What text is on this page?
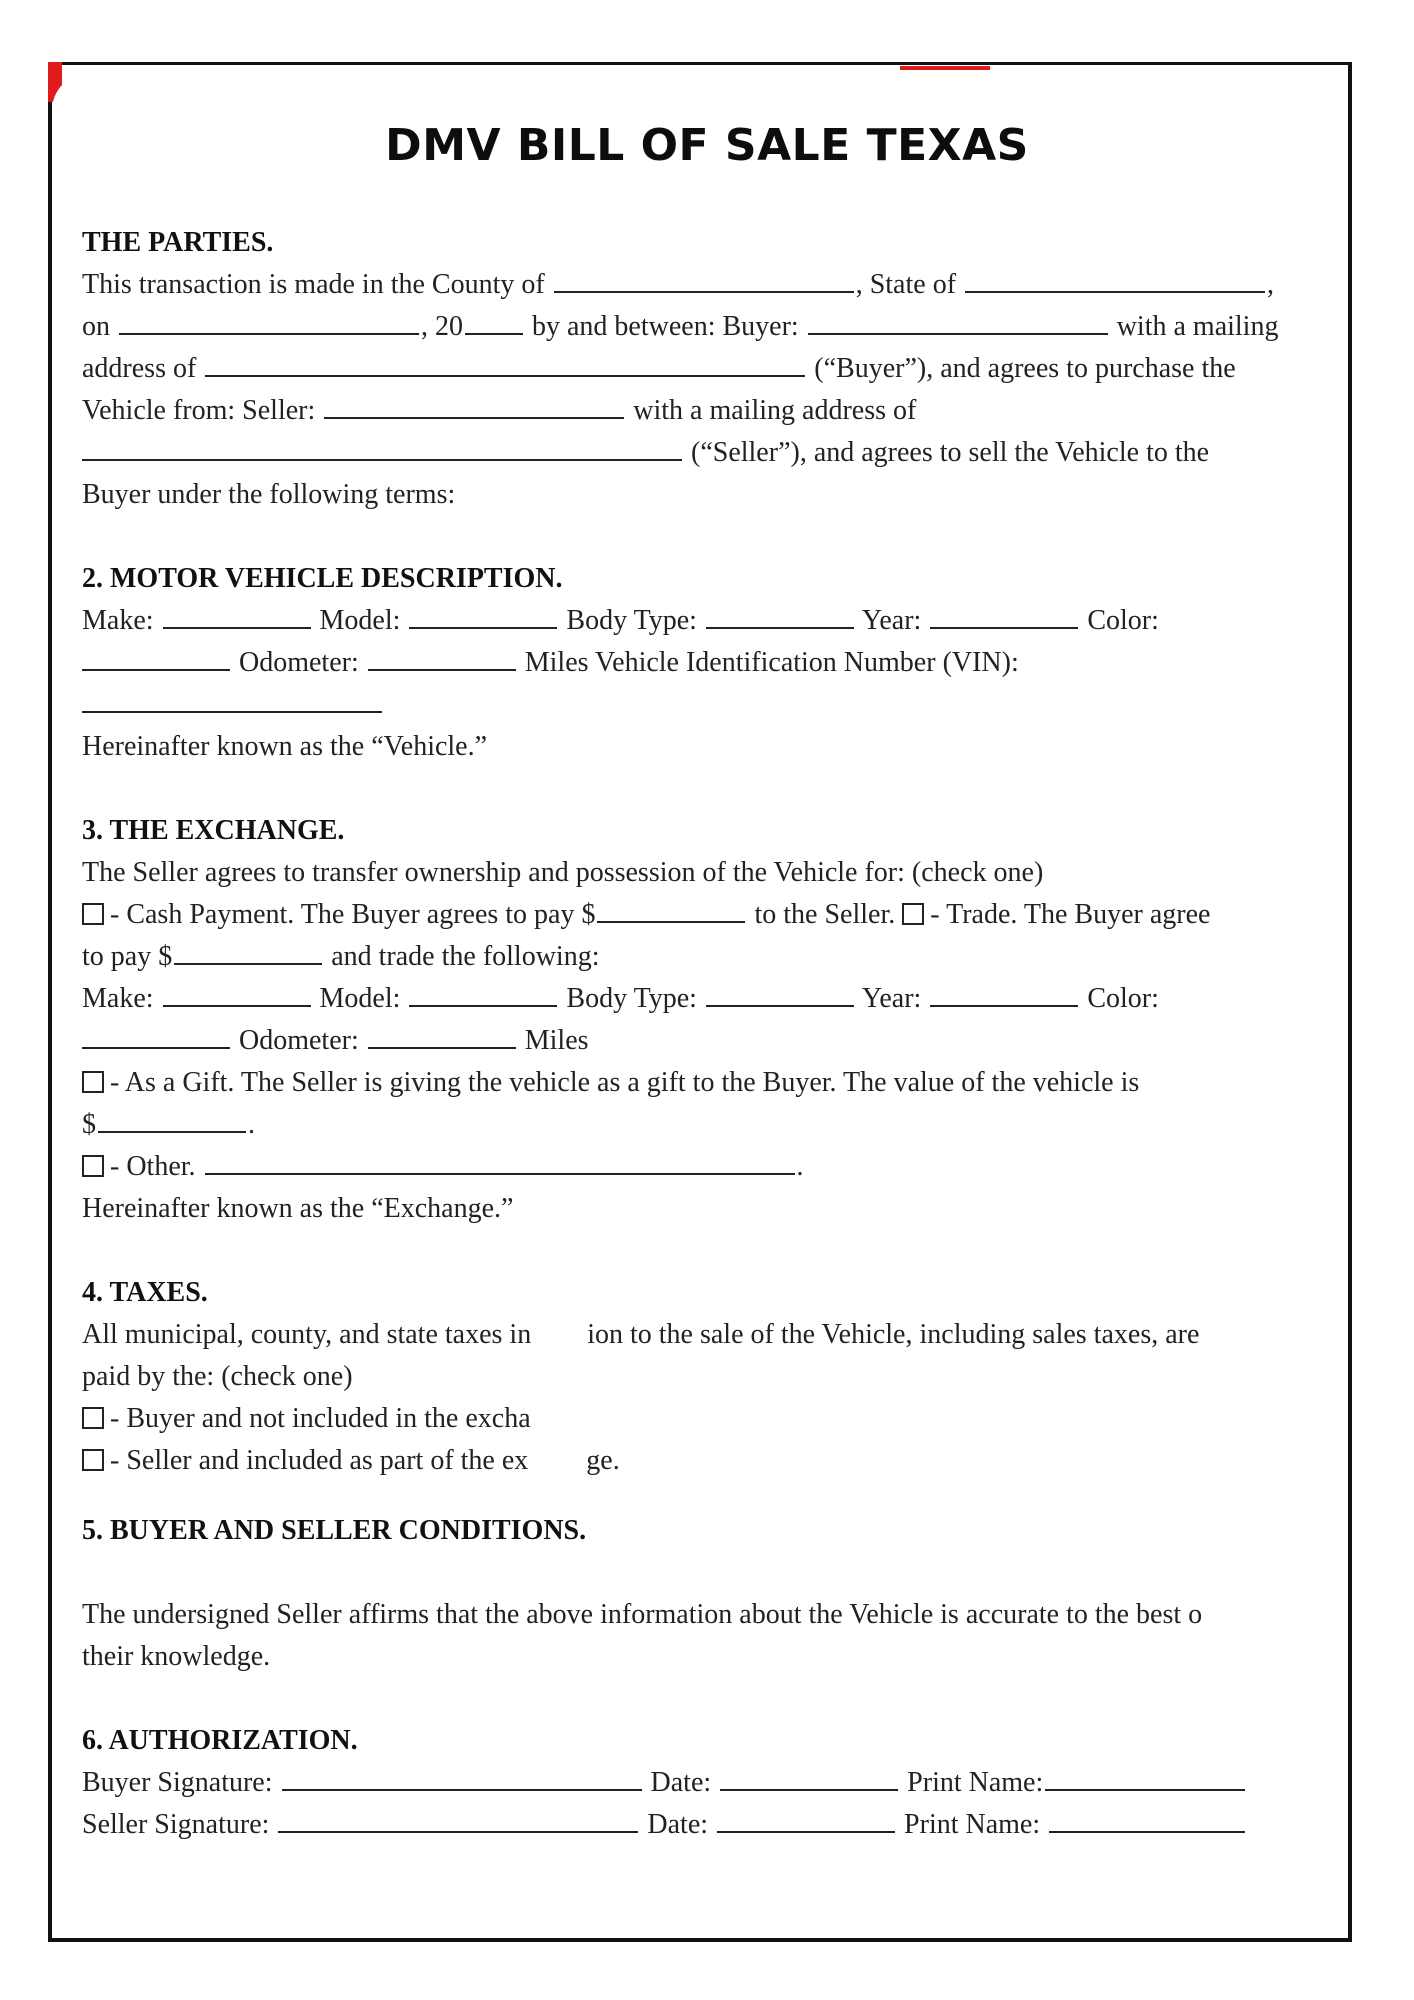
DMV BILL OF SALE TEXAS
THE PARTIES.
This transaction is made in the County of	, State of	,
on	, 20 by and between: Buyer:	with a mailing
address of	(“Buyer”), and agrees to purchase the
Vehicle from: Seller:	with a mailing address of
(“Seller”), and agrees to sell the Vehicle to the
Buyer under the following terms:
2. MOTOR VEHICLE DESCRIPTION.
Make:	Model:	Body Type:	Year:	Color:
Odometer:	Miles Vehicle Identification Number (VIN):
Hereinafter known as the “Vehicle.”
3. THE EXCHANGE.
The Seller agrees to transfer ownership and possession of the Vehicle for: (check one)
- Cash Payment. The Buyer agrees to pay $	to the Seller. - Trade. The Buyer agree
to pay $	and trade the following:
Make:	Model:	Body Type:	Year:	Color:
Odometer:	Miles
- As a Gift. The Seller is giving the vehicle as a gift to the Buyer. The value of the vehicle is
$	.
- Other.	.
Hereinafter known as the “Exchange.”
4. TAXES.
All municipal, county, and state taxes in ion to the sale of the Vehicle, including sales taxes, are
paid by the: (check one)
- Buyer and not included in the excha
- Seller and included as part of the ex ge.
5. BUYER AND SELLER CONDITIONS.
The undersigned Seller affirms that the above information about the Vehicle is accurate to the best o
their knowledge.
6. AUTHORIZATION.
Buyer Signature:	Date:	Print Name:
Seller Signature:	Date:	Print Name:
